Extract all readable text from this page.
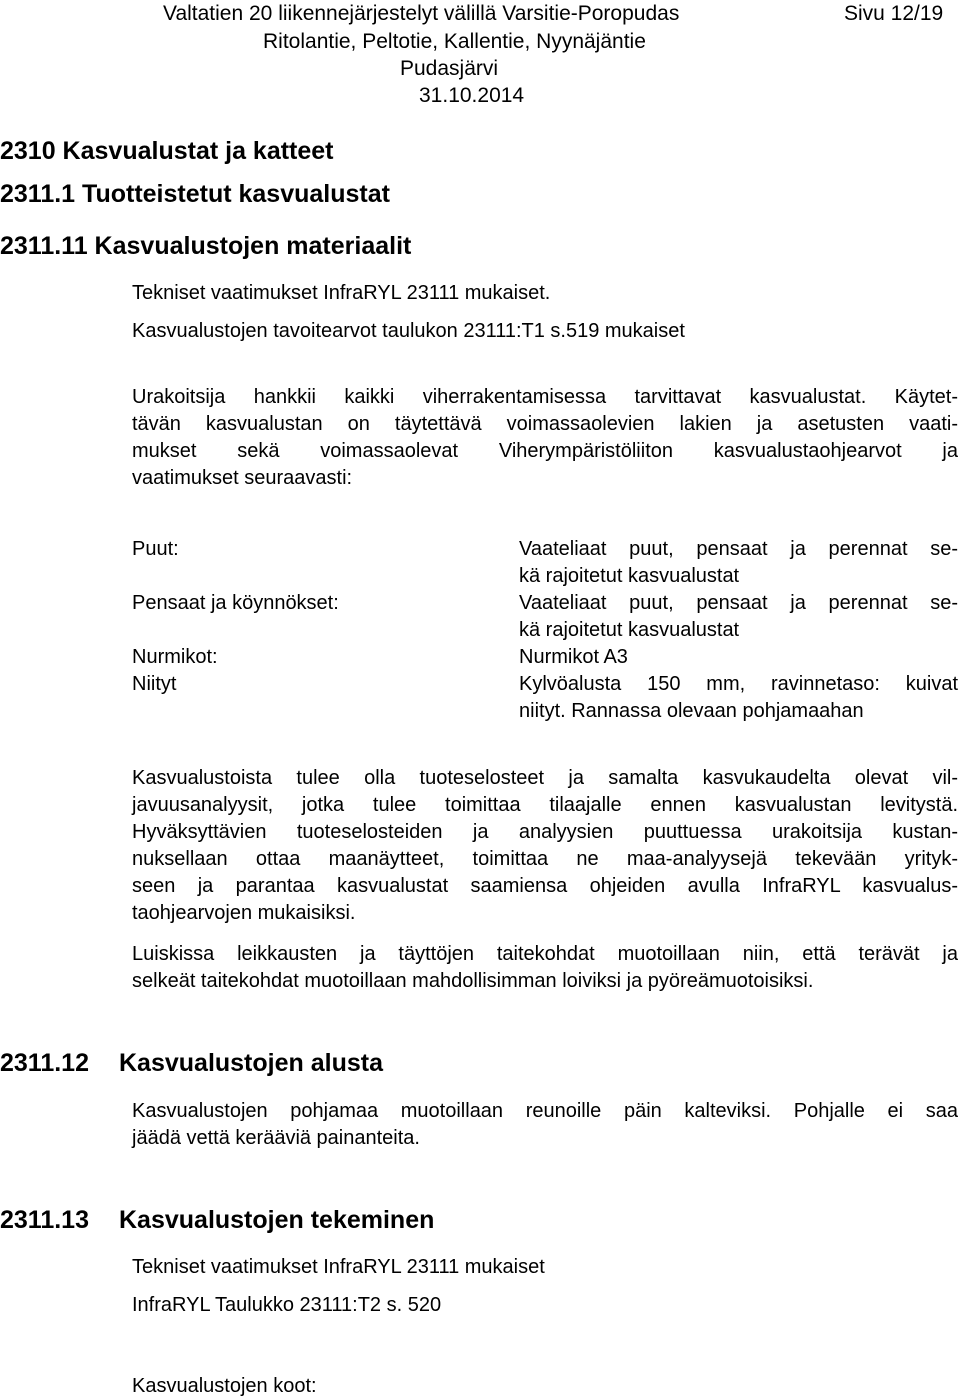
Valtatien 20 liikennejärjestelyt välillä Varsitie-Poropudas	Sivu 12/19
Ritolantie, Peltotie, Kallentie, Nyynäjäntie
Pudasjärvi
31.10.2014
2310 Kasvualustat ja katteet
2311.1 Tuotteistetut kasvualustat
2311.11 Kasvualustojen materiaalit
Tekniset vaatimukset InfraRYL 23111 mukaiset.
Kasvualustojen tavoitearvot taulukon 23111:T1 s.519 mukaiset
Urakoitsija hankkii kaikki viherrakentamisessa tarvittavat kasvualustat. Käytet-
tävän kasvualustan on täytettävä voimassaolevien lakien ja asetusten vaati-
mukset sekä voimassaolevat Viherympäristöliiton kasvualustaohjearvot ja
vaatimukset seuraavasti:
Puut:	Vaateliaat puut, pensaat ja perennat se-
kä rajoitetut kasvualustat
Pensaat ja köynnökset:	Vaateliaat puut, pensaat ja perennat se-
kä rajoitetut kasvualustat
Nurmikot:	Nurmikot A3
Niityt	Kylvöalusta 150 mm, ravinnetaso: kuivat
niityt. Rannassa olevaan pohjamaahan
Kasvualustoista tulee olla tuoteselosteet ja samalta kasvukaudelta olevat vil-
javuusanalyysit, jotka tulee toimittaa tilaajalle ennen kasvualustan levitystä.
Hyväksyttävien tuoteselosteiden ja analyysien puuttuessa urakoitsija kustan-
nuksellaan ottaa maanäytteet, toimittaa ne maa-analyysejä tekevään yrityk-
seen ja parantaa kasvualustat saamiensa ohjeiden avulla InfraRYL kasvualus-
taohjearvojen mukaisiksi.
Luiskissa leikkausten ja täyttöjen taitekohdat muotoillaan niin, että terävät ja
selkeät taitekohdat muotoillaan mahdollisimman loiviksi ja pyöreämuotoisiksi.
2311.12 Kasvualustojen alusta
Kasvualustojen pohjamaa muotoillaan reunoille päin kalteviksi. Pohjalle ei saa
jäädä vettä kerääviä painanteita.
2311.13 Kasvualustojen tekeminen
Tekniset vaatimukset InfraRYL 23111 mukaiset
InfraRYL Taulukko 23111:T2 s. 520
Kasvualustojen koot:
